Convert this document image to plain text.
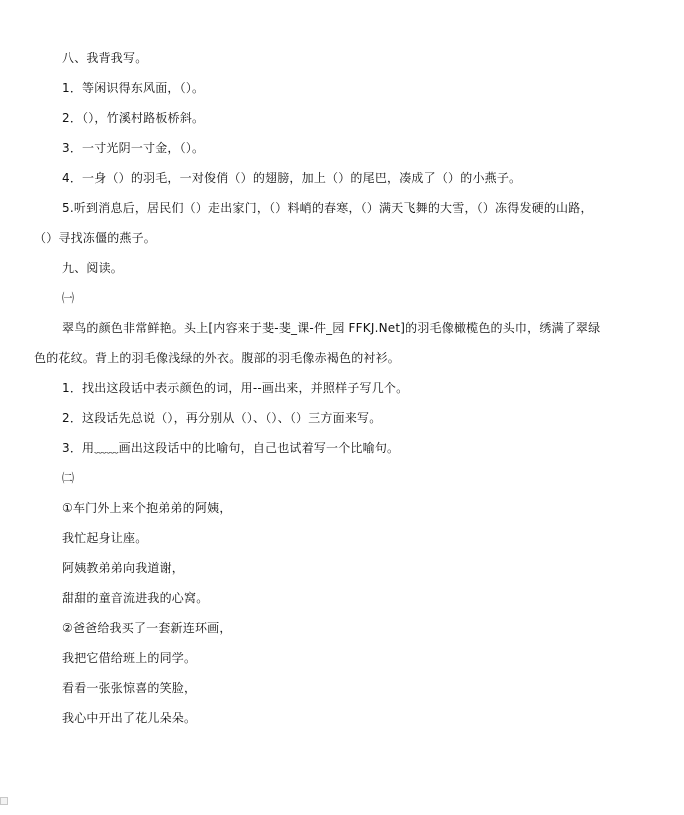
八、我背我写。
1．等闲识得东风面，（）。
2．（），竹溪村路板桥斜。
3．一寸光阴一寸金，（）。
4．一身（）的羽毛，一对俊俏（）的翅膀，加上（）的尾巴，凑成了（）的小燕子。
5.听到消息后，居民们（）走出家门，（）料峭的春寒，（）满天飞舞的大雪，（）冻得发硬的山路，
（）寻找冻僵的燕子。
九、阅读。
㈠
翠鸟的颜色非常鲜艳。头上[内容来于斐-斐_课-件_园 FFKJ.Net]的羽毛像橄榄色的头巾，绣满了翠绿
色的花纹。背上的羽毛像浅绿的外衣。腹部的羽毛像赤褐色的衬衫。
1．找出这段话中表示颜色的词，用--画出来，并照样子写几个。
2．这段话先总说（），再分别从（）、（）、（）三方面来写。
3．用﹏﹏画出这段话中的比喻句，自己也试着写一个比喻句。
㈡
①车门外上来个抱弟弟的阿姨，
我忙起身让座。
阿姨教弟弟向我道谢，
甜甜的童音流进我的心窝。
②爸爸给我买了一套新连环画，
我把它借给班上的同学。
看看一张张惊喜的笑脸，
我心中开出了花儿朵朵。
